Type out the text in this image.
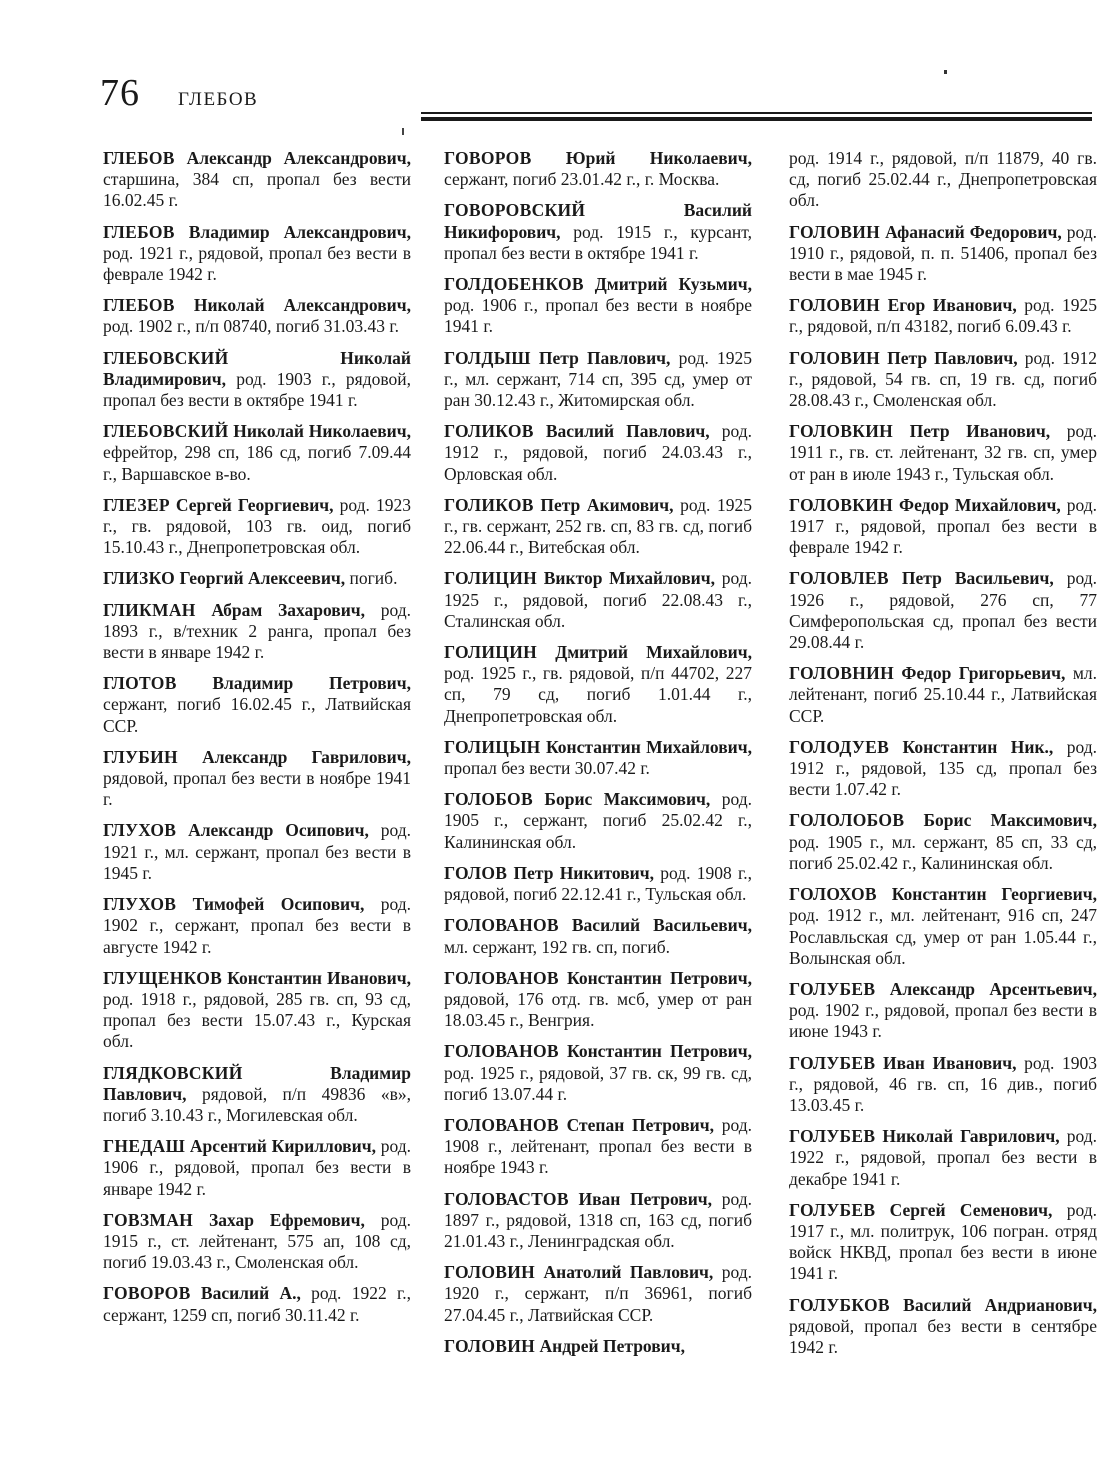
76 ГЛЕБОВ

ГЛЕБОВ Александр Александрович, старшина, 384 сп, пропал без вести 16.02.45 г.

ГЛЕБОВ Владимир Александрович, род. 1921 г., рядовой, пропал без вести в феврале 1942 г.

ГЛЕБОВ Николай Александрович, род. 1902 г., п/п 08740, погиб 31.03.43 г.

ГЛЕБОВСКИЙ	Николай Владимирович, род. 1903 г., рядовой, пропал без вести в октябре 1941 г.

ГЛЕБОВСКИЙ Николай Николаевич, ефрейтор, 298 сп, 186 сд, погиб 7.09.44 г., Варшавское в-во.

ГЛЕЗЕР Сергей Георгиевич, род. 1923 г., гв. рядовой, 103 гв. оид, погиб 15.10.43 г., Днепропетровская обл.

ГЛИЗКО Георгий Алексеевич, погиб.

ГЛИКМАН Абрам Захарович, род. 1893 г., в/техник 2 ранга, пропал без вести в январе 1942 г.

ГЛОТОВ Владимир Петрович, сержант, погиб 16.02.45 г., Латвийская ССР.

ГЛУБИН Александр Гаврилович, рядовой, пропал без вести в ноябре 1941 г.

ГЛУХОВ Александр Осипович, род. 1921 г., мл. сержант, пропал без вести в 1945 г.

ГЛУХОВ Тимофей Осипович, род. 1902 г., сержант, пропал без вести в августе 1942 г.

ГЛУЩЕНКОВ Константин Иванович, род. 1918 г., рядовой, 285 гв. сп, 93 сд, пропал без вести 15.07.43 г., Курская обл.

ГЛЯДКОВСКИЙ	Владимир Павлович, рядовой, п/п 49836 «в», погиб 3.10.43 г., Могилевская обл.

ГНЕДАШ Арсентий Кириллович, род. 1906 г., рядовой, пропал без вести в январе 1942 г.

ГОВЗМАН Захар Ефремович, род. 1915 г., ст. лейтенант, 575 ап, 108 сд, погиб 19.03.43 г., Смоленская обл.

ГОВОРОВ Василий А., род. 1922 г., сержант, 1259 сп, погиб 30.11.42 г.

ГОВОРОВ Юрий Николаевич, сержант, погиб 23.01.42 г., г. Москва.

ГОВОРОВСКИЙ	Василий Никифорович, род. 1915 г., курсант, пропал без вести в октябре 1941 г.

ГОЛДОБЕНКОВ Дмитрий Кузьмич, род. 1906 г., пропал без вести в ноябре 1941 г.

ГОЛДЫШ Петр Павлович, род. 1925 г., мл. сержант, 714 сп, 395 сд, умер от ран 30.12.43 г., Житомирская обл.

ГОЛИКОВ Василий Павлович, род. 1912 г., рядовой, погиб 24.03.43 г., Орловская обл.

ГОЛИКОВ Петр Акимович, род. 1925 г., гв. сержант, 252 гв. сп, 83 гв. сд, погиб 22.06.44 г., Витебская обл.

ГОЛИЦИН Виктор Михайлович, род. 1925 г., рядовой, погиб 22.08.43 г., Сталинская обл.

ГОЛИЦИН Дмитрий Михайлович, род. 1925 г., гв. рядовой, п/п 44702, 227 сп, 79 сд, погиб 1.01.44 г., Днепропетровская обл.

ГОЛИЦЫН Константин Михайлович, пропал без вести 30.07.42 г.

ГОЛОБОВ Борис Максимович, род. 1905 г., сержант, погиб 25.02.42 г., Калининская обл.

ГОЛОВ Петр Никитович, род. 1908 г., рядовой, погиб 22.12.41 г., Тульская обл.

ГОЛОВАНОВ Василий Васильевич, мл. сержант, 192 гв. сп, погиб.

ГОЛОВАНОВ Константин Петрович, рядовой, 176 отд. гв. мсб, умер от ран 18.03.45 г., Венгрия.

ГОЛОВАНОВ Константин Петрович, род. 1925 г., рядовой, 37 гв. ск, 99 гв. сд, погиб 13.07.44 г.

ГОЛОВАНОВ Степан Петрович, род. 1908 г., лейтенант, пропал без вести в ноябре 1943 г.

ГОЛОВАСТОВ Иван Петрович, род. 1897 г., рядовой, 1318 сп, 163 сд, погиб 21.01.43 г., Ленинградская обл.

ГОЛОВИН Анатолий Павлович, род. 1920 г., сержант, п/п 36961, погиб 27.04.45 г., Латвийская ССР.

ГОЛОВИН Андрей Петрович,

род. 1914 г., рядовой, п/п 11879, 40 гв. сд, погиб 25.02.44 г., Днепропетровская обл.

ГОЛОВИН Афанасий Федорович, род. 1910 г., рядовой, п. п. 51406, пропал без вести в мае 1945 г.

ГОЛОВИН Егор Иванович, род. 1925 г., рядовой, п/п 43182, погиб 6.09.43 г.

ГОЛОВИН Петр Павлович, род. 1912 г., рядовой, 54 гв. сп, 19 гв. сд, погиб 28.08.43 г., Смоленская обл.

ГОЛОВКИН Петр Иванович, род. 1911 г., гв. ст. лейтенант, 32 гв. сп, умер от ран в июле 1943 г., Тульская обл.

ГОЛОВКИН Федор Михайлович, род. 1917 г., рядовой, пропал без вести в феврале 1942 г.

ГОЛОВЛЕВ Петр Васильевич, род. 1926 г., рядовой, 276 сп, 77 Симферопольская сд, пропал без вести 29.08.44 г.

ГОЛОВНИН Федор Григорьевич, мл. лейтенант, погиб 25.10.44 г., Латвийская ССР.

ГОЛОДУЕВ Константин Ник., род. 1912 г., рядовой, 135 сд, пропал без вести 1.07.42 г.

ГОЛОЛОБОВ Борис Максимович, род. 1905 г., мл. сержант, 85 сп, 33 сд, погиб 25.02.42 г., Калининская обл.

ГОЛОХОВ Константин Георгиевич, род. 1912 г., мл. лейтенант, 916 сп, 247 Рославльская сд, умер от ран 1.05.44 г., Волынская обл.

ГОЛУБЕВ Александр Арсентьевич, род. 1902 г., рядовой, пропал без вести в июне 1943 г.

ГОЛУБЕВ Иван Иванович, род. 1903 г., рядовой, 46 гв. сп, 16 див., погиб 13.03.45 г.

ГОЛУБЕВ Николай Гаврилович, род. 1922 г., рядовой, пропал без вести в декабре 1941 г.

ГОЛУБЕВ Сергей Семенович, род. 1917 г., мл. политрук, 106 погран. отряд войск НКВД, пропал без вести в июне 1941 г.

ГОЛУБКОВ Василий Андрианович, рядовой, пропал без вести в сентябре 1942 г.
